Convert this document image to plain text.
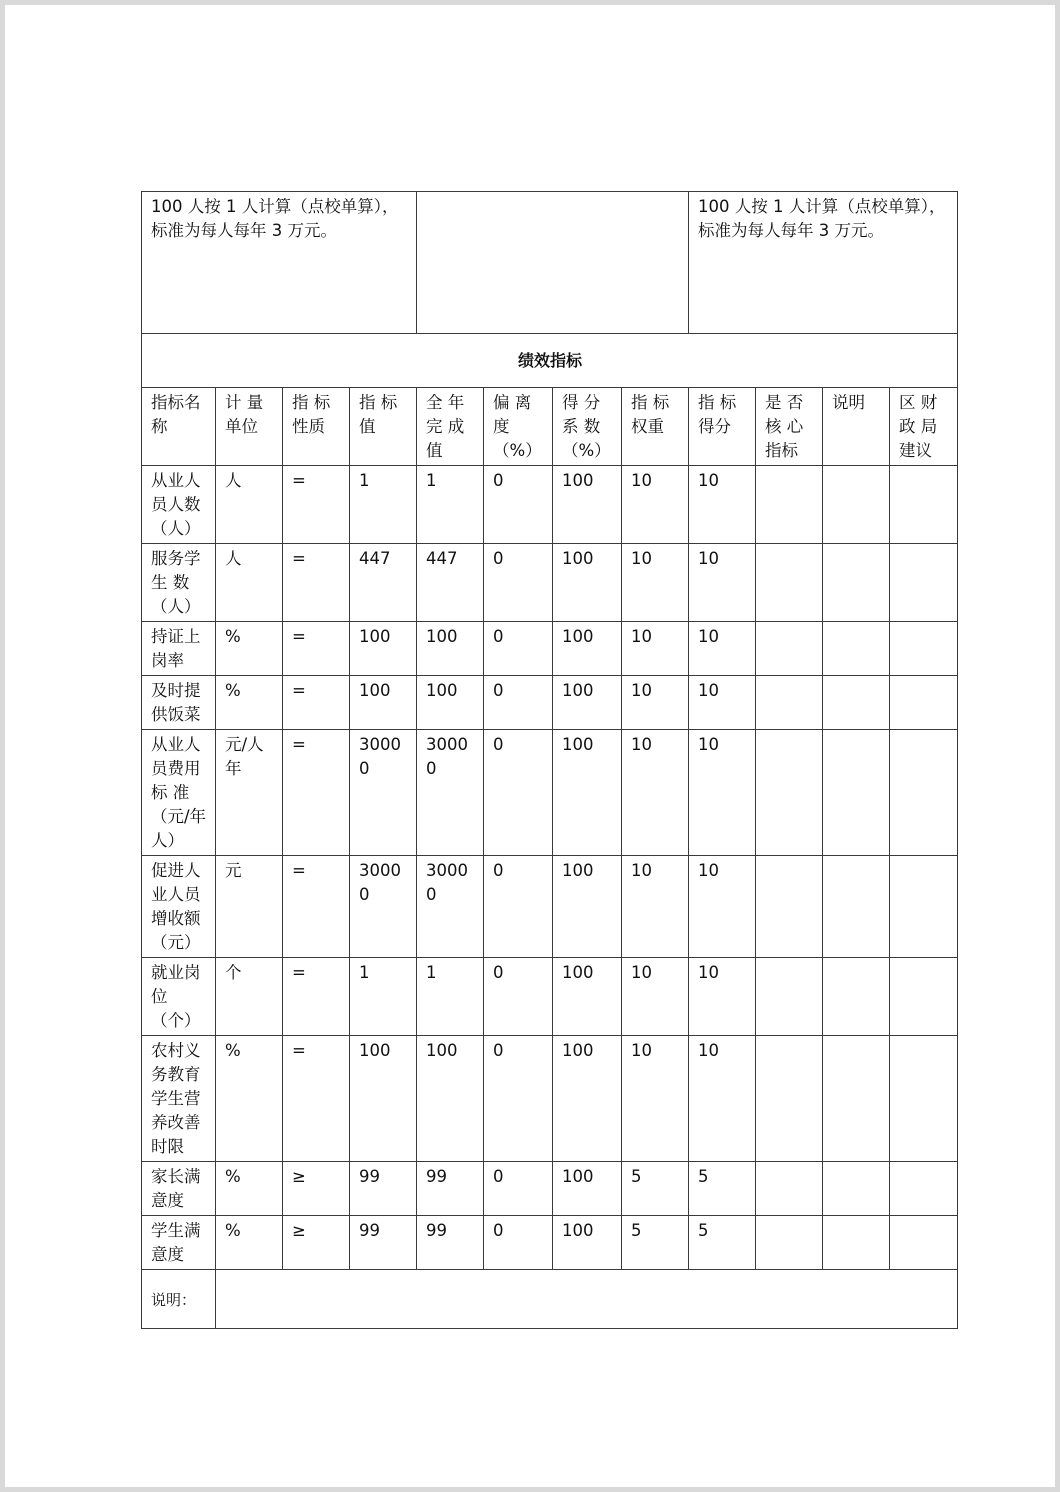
100 人按 1 人计算（点校单算），标准为每人每年 3 万元。								100 人按 1 人计算（点校单算），标准为每人每年 3 万元。			
绩效指标											
指标名称	计 量单位	指 标性质	指 标值	全 年完 成值	偏 离度（%）	得 分系 数（%）	指 标权重	指 标得分	是 否核 心指标	说明	区 财政 局建议
从业人员人数（人）	人	=	1	1	0	100	10	10			
服务学生 数（人）	人	=	447	447	0	100	10	10			
持证上岗率	%	=	100	100	0	100	10	10			
及时提供饭菜	%	=	100	100	0	100	10	10			
从业人员费用标 准（元/年人）	元/人年	=	30000	30000	0	100	10	10			
促进人业人员增收额（元）	元	=	30000	30000	0	100	10	10			
就业岗位（个）	个	=	1	1	0	100	10	10			
农村义务教育学生营养改善时限	%	=	100	100	0	100	10	10			
家长满意度	%	≥	99	99	0	100	5	5			
学生满意度	%	≥	99	99	0	100	5	5			
说明：											
